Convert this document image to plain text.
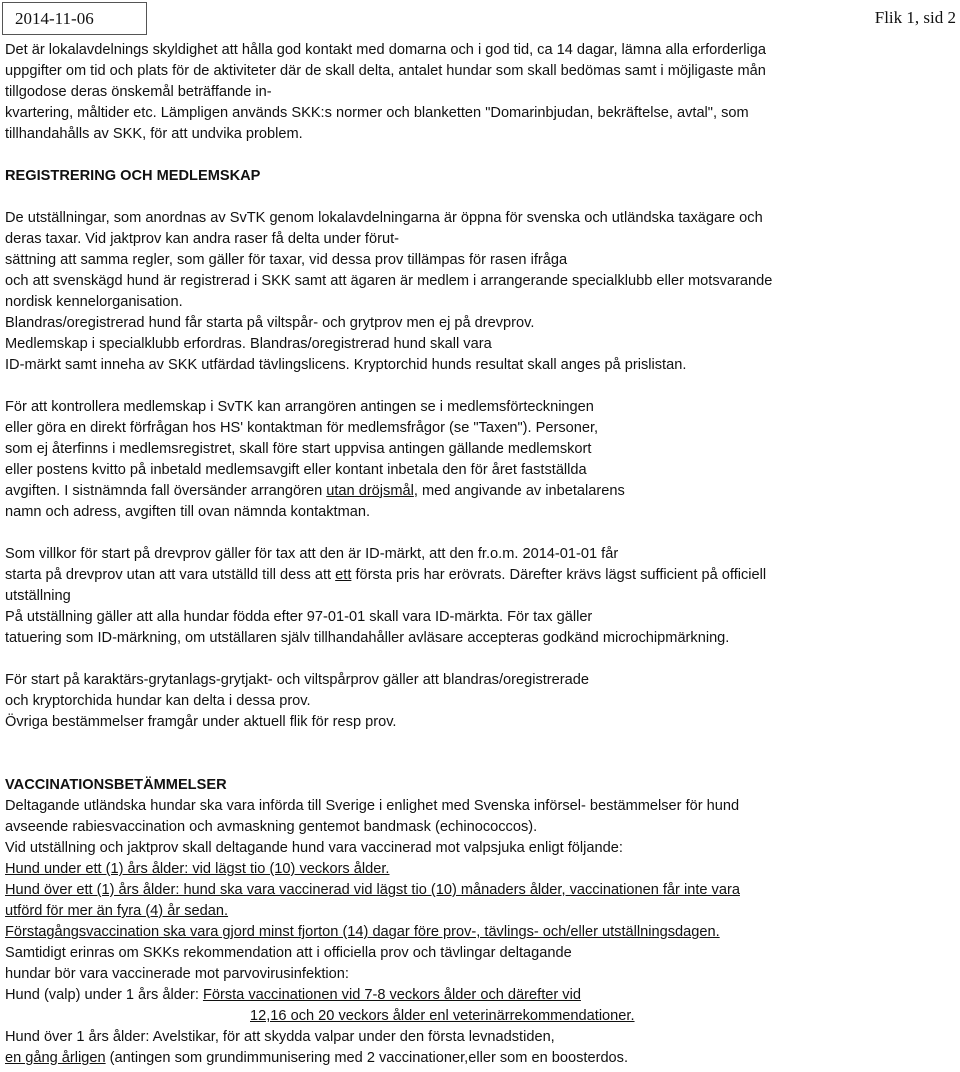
2014-11-06	Flik 1, sid 2

Det är lokalavdelnings skyldighet att hålla god kontakt med domarna och i god tid, ca 14 dagar, lämna alla erforderliga

uppgifter om tid och plats för de aktiviteter där de skall delta, antalet hundar som skall bedömas samt i möjligaste mån

tillgodose deras önskemål beträffande in-

kvartering, måltider etc. Lämpligen används SKK:s normer och blanketten "Domarinbjudan, bekräftelse, avtal", som

tillhandahålls av SKK, för att undvika problem.

REGISTRERING OCH MEDLEMSKAP

De utställningar, som anordnas av SvTK genom lokalavdelningarna är öppna för svenska och utländska taxägare och

deras taxar. Vid jaktprov kan andra raser få delta under förut-

sättning att samma regler, som gäller för taxar, vid dessa prov tillämpas för rasen ifråga

och att svenskägd hund är registrerad i SKK samt att ägaren är medlem i arrangerande specialklubb eller motsvarande

nordisk kennelorganisation.

Blandras/oregistrerad hund får starta på viltspår- och grytprov men ej på drevprov.

Medlemskap i specialklubb erfordras. Blandras/oregistrerad hund skall vara

ID-märkt samt inneha av SKK utfärdad tävlingslicens. Kryptorchid hunds resultat skall anges på prislistan.

För att kontrollera medlemskap i SvTK kan arrangören antingen se i medlemsförteckningen

eller göra en direkt förfrågan hos HS' kontaktman för medlemsfrågor (se "Taxen"). Personer,

som ej återfinns i medlemsregistret, skall före start uppvisa antingen gällande medlemskort

eller postens kvitto på inbetald medlemsavgift eller kontant inbetala den för året fastställda

avgiften. I sistnämnda fall översänder arrangören utan dröjsmål, med angivande av inbetalarens

namn och adress, avgiften till ovan nämnda kontaktman.

Som villkor för start på drevprov gäller för tax att den är ID-märkt, att den fr.o.m. 2014-01-01 får

starta på drevprov utan att vara utställd till dess att ett första pris har erövrats. Därefter krävs lägst sufficient på officiell

utställning

På utställning gäller att alla hundar födda efter 97-01-01 skall vara ID-märkta. För tax gäller

tatuering som ID-märkning, om utställaren själv tillhandahåller avläsare accepteras godkänd microchipmärkning.

För start på karaktärs-grytanlags-grytjakt- och viltspårprov gäller att blandras/oregistrerade

och kryptorchida hundar kan delta i dessa prov.

Övriga bestämmelser framgår under aktuell flik för resp prov.

VACCINATIONSBETÄMMELSER

Deltagande utländska hundar ska vara införda till Sverige i enlighet med Svenska införsel- bestämmelser för hund

avseende rabiesvaccination och avmaskning gentemot bandmask (echinococcos).

Vid utställning och jaktprov skall deltagande hund vara vaccinerad mot valpsjuka enligt följande:

Hund under ett (1) års ålder: vid lägst tio (10) veckors ålder.

Hund över ett (1) års ålder: hund ska vara vaccinerad vid lägst tio (10) månaders ålder, vaccinationen får inte vara

utförd för mer än fyra (4) år sedan.

Förstagångsvaccination ska vara gjord minst fjorton (14) dagar före prov-, tävlings- och/eller utställningsdagen.

Samtidigt erinras om SKKs rekommendation att i officiella prov och tävlingar deltagande

hundar bör vara vaccinerade mot parvovirusinfektion:

Hund (valp) under 1 års ålder: Första vaccinationen vid 7-8 veckors ålder och därefter vid

12,16 och 20 veckors ålder enl veterinärrekommendationer.

Hund över 1 års ålder: Avelstikar, för att skydda valpar under den första levnadstiden,

en gång årligen (antingen som grundimmunisering med 2 vaccinationer,eller som en boosterdos.
